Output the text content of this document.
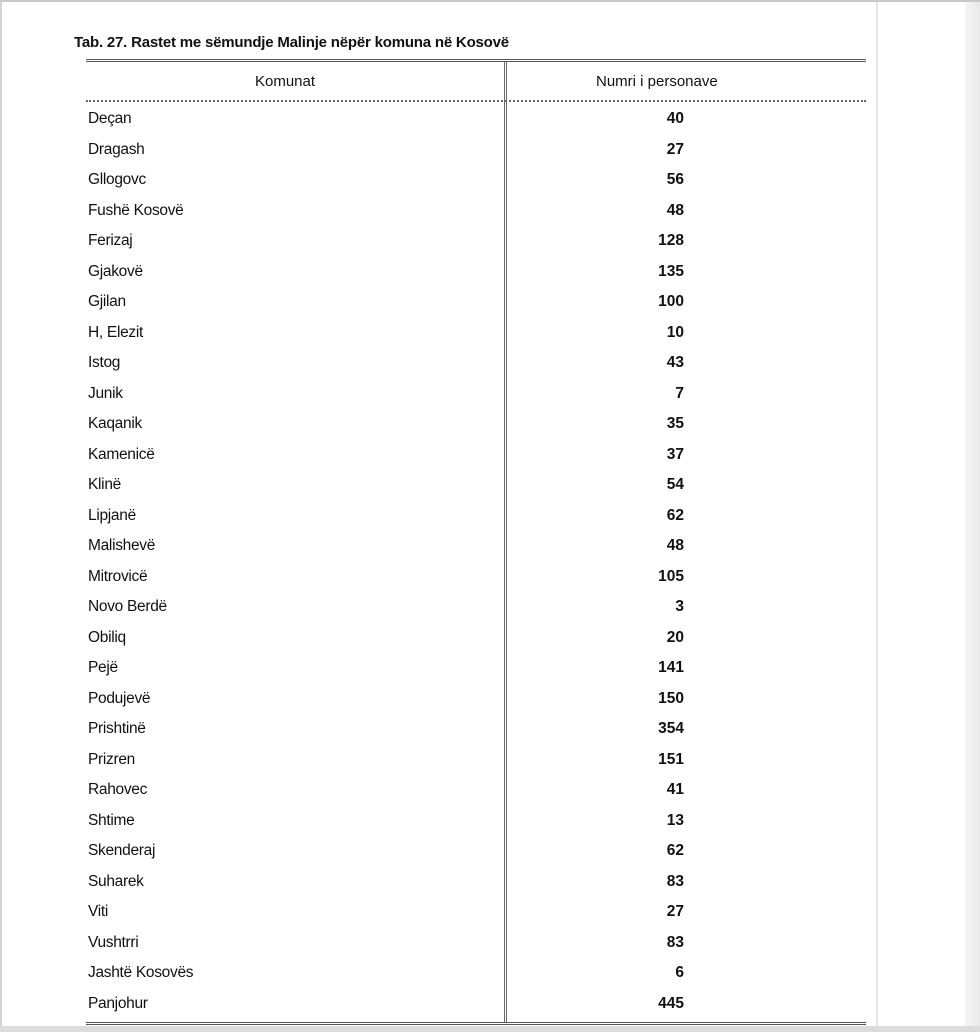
Tab. 27. Rastet me sëmundje Malinje nëpër komuna në Kosovë
Komunat	Numri i personave
Deçan	40
Dragash	27
Gllogovc	56
Fushë Kosovë	48
Ferizaj	128
Gjakovë	135
Gjilan	100
H, Elezit	10
Istog	43
Junik	7
Kaqanik	35
Kamenicë	37
Klinë	54
Lipjanë	62
Malishevë	48
Mitrovicë	105
Novo Berdë	3
Obiliq	20
Pejë	141
Podujevë	150
Prishtinë	354
Prizren	151
Rahovec	41
Shtime	13
Skenderaj	62
Suharek	83
Viti	27
Vushtrri	83
Jashtë Kosovës	6
Panjohur	445
